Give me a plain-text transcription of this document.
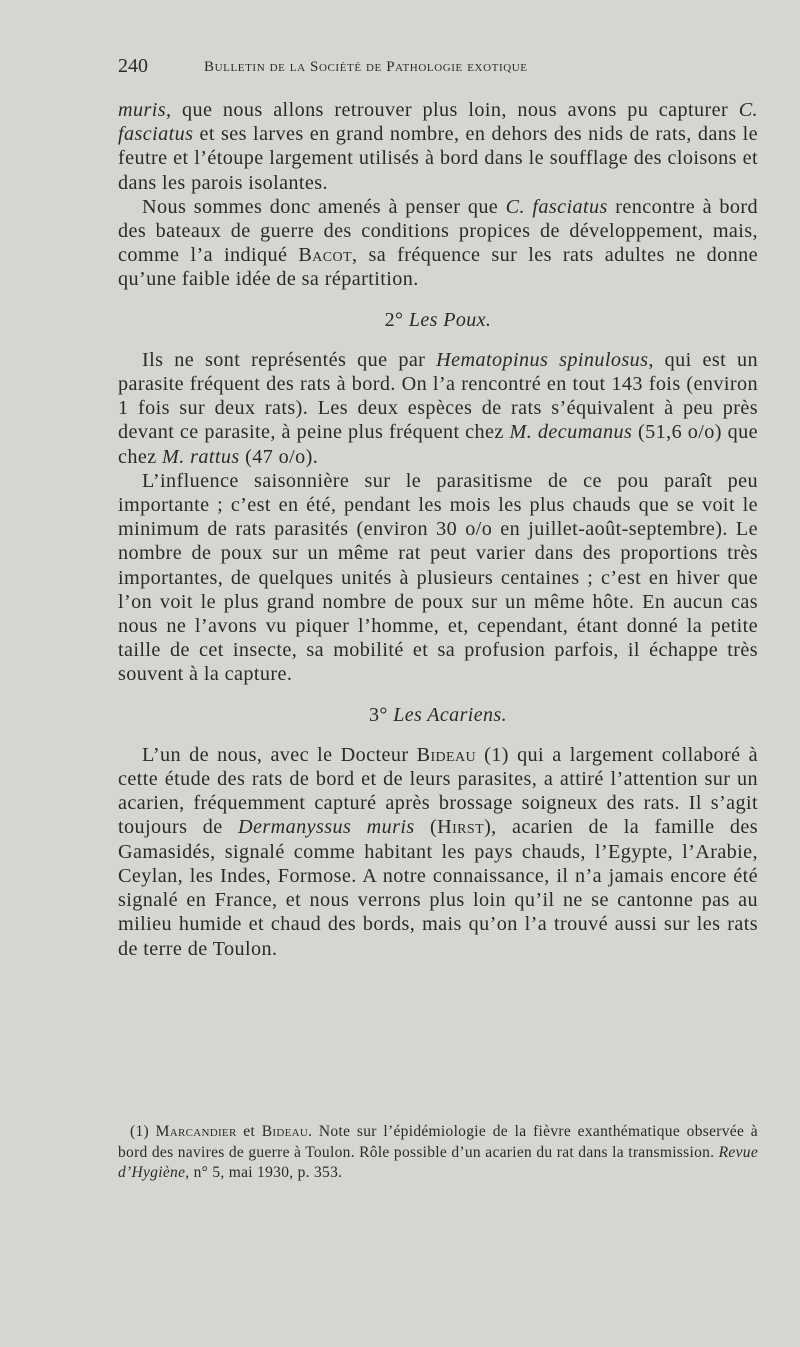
240	Bulletin de la Société de Pathologie exotique

muris, que nous allons retrouver plus loin, nous avons pu capturer C. fasciatus et ses larves en grand nombre, en dehors des nids de rats, dans le feutre et l’étoupe largement utilisés à bord dans le soufflage des cloisons et dans les parois isolantes.

Nous sommes donc amenés à penser que C. fasciatus rencontre à bord des bateaux de guerre des conditions propices de développement, mais, comme l’a indiqué Bacot, sa fréquence sur les rats adultes ne donne qu’une faible idée de sa répartition.

2° Les Poux.

Ils ne sont représentés que par Hematopinus spinulosus, qui est un parasite fréquent des rats à bord. On l’a rencontré en tout 143 fois (environ 1 fois sur deux rats). Les deux espèces de rats s’équivalent à peu près devant ce parasite, à peine plus fréquent chez M. decumanus (51,6 o/o) que chez M. rattus (47 o/o).

L’influence saisonnière sur le parasitisme de ce pou paraît peu importante ; c’est en été, pendant les mois les plus chauds que se voit le minimum de rats parasités (environ 30 o/o en juillet-août-septembre). Le nombre de poux sur un même rat peut varier dans des proportions très importantes, de quelques unités à plusieurs centaines ; c’est en hiver que l’on voit le plus grand nombre de poux sur un même hôte. En aucun cas nous ne l’avons vu piquer l’homme, et, cependant, étant donné la petite taille de cet insecte, sa mobilité et sa profusion parfois, il échappe très souvent à la capture.

3° Les Acariens.

L’un de nous, avec le Docteur Bideau (1) qui a largement collaboré à cette étude des rats de bord et de leurs parasites, a attiré l’attention sur un acarien, fréquemment capturé après brossage soigneux des rats. Il s’agit toujours de Dermanyssus muris (Hirst), acarien de la famille des Gamasidés, signalé comme habitant les pays chauds, l’Egypte, l’Arabie, Ceylan, les Indes, Formose. A notre connaissance, il n’a jamais encore été signalé en France, et nous verrons plus loin qu’il ne se cantonne pas au milieu humide et chaud des bords, mais qu’on l’a trouvé aussi sur les rats de terre de Toulon.

(1) Marcandier et Bideau. Note sur l’épidémiologie de la fièvre exanthématique observée à bord des navires de guerre à Toulon. Rôle possible d’un acarien du rat dans la transmission. Revue d’Hygiène, n° 5, mai 1930, p. 353.
